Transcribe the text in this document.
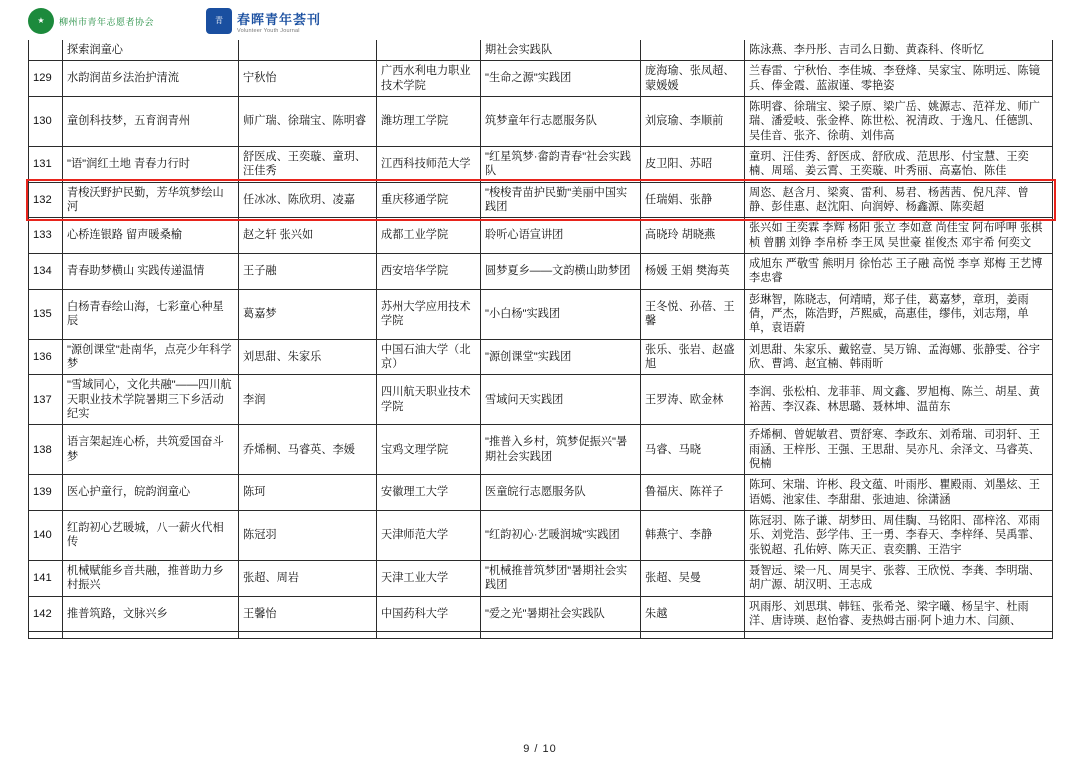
★	柳州市青年志愿者协会	青	春晖青年荟刊
Volunteer Youth Journal
	探索润童心			期社会实践队		陈泳燕、李丹彤、吉司么日勤、黄森科、佟昕忆
129	水韵润苗乡法治护清流	宁秋怡	广西水利电力职业技术学院	"生命之源"实践团	庞海瑜、张凤超、蒙媛媛	兰春雷、宁秋怡、李佳城、李登烽、吴家宝、陈明远、陈镜兵、俸金霞、蓝淑谨、零艳姿
130	童创科技梦，五育润青州	师广瑞、徐瑞宝、陈明睿	潍坊理工学院	筑梦童年行志愿服务队	刘宸瑜、李顺前	陈明睿、徐瑞宝、梁子原、梁广岳、姚源志、范祥龙、师广瑞、潘爱岐、张金桦、陈世松、祝清政、于逸凡、任德凯、吴佳音、张齐、徐萌、刘伟高
131	"语"润红土地 青春力行时	舒医成、王奕璇、童玥、汪佳秀	江西科技师范大学	"红星筑梦·畲韵青春"社会实践队	皮卫阳、苏昭	童玥、汪佳秀、舒医成、舒欣成、范思彤、付宝慧、王奕楠、周瑶、姜云霄、王奕璇、叶秀丽、高嘉怡、陈佳
132	青梭沃野护民勤，芳华筑梦绘山河	任冰冰、陈欣玥、凌嘉	重庆移通学院	"梭梭青苗护民勤"美丽中国实践团	任瑞娟、张静	周恣、赵含月、梁爽、雷利、易君、杨茜茜、倪凡萍、曾静、彭佳惠、赵沈阳、向润婷、杨鑫源、陈奕超
133	心桥连银路 留声暖桑榆	赵之轩 张兴如	成都工业学院	聆听心语宣讲团	高晓玲 胡晓燕	张兴如 王奕霖 李辉 杨阳 张立 李如意 尚佳宝 阿布呼呷 张棋桢 曾鹏 刘铮 李帛桥 李王凤 吴世豪 崔俊杰 邓宇希 何奕文
134	青春助梦横山 实践传递温情	王子融	西安培华学院	圆梦夏乡——文韵横山助梦团	杨媛 王娟 樊海英	成旭东 严敬雪 熊明月 徐怡芯 王子融 高悦 李享 郑梅 王艺博 李忠睿
135	白杨青春绘山海，七彩童心种星辰	葛嘉梦	苏州大学应用技术学院	"小白杨"实践团	王冬悦、孙蓓、王馨	彭琳智，陈晓志，何靖晴，郑子佳，葛嘉梦，章玥，姜雨倩，严杰，陈浩野，芦熙威，高惠佳，缪伟，刘志翔，单单，袁语蔚
136	"源创课堂"赴南华，点亮少年科学梦	刘思甜、朱家乐	中国石油大学（北京）	"源创课堂"实践团	张乐、张岩、赵盛旭	刘思甜、朱家乐、戴铭壹、吴万锦、孟海娜、张静雯、谷宇欣、曹鸿、赵宜楠、韩雨昕
137	"雪域同心，文化共融"——四川航天职业技术学院暑期三下乡活动纪实	李润	四川航天职业技术学院	雪域问天实践团	王罗涛、欧金林	李润、张松柏、龙菲菲、周文鑫、罗旭梅、陈兰、胡星、黄裕茜、李汉森、林思璐、聂林坤、温苗东
138	语言架起连心桥，共筑爱国奋斗梦	乔烯桐、马睿英、李媛	宝鸡文理学院	"推普入乡村，筑梦促振兴"暑期社会实践团	马睿、马晓	乔烯桐、曾妮敏君、贾舒寒、李政东、刘希瑞、司羽轩、王雨涵、王梓彤、王强、王思甜、吴亦凡、余泽文、马睿英、倪楠
139	医心护童行，皖韵润童心	陈珂	安徽理工大学	医童皖行志愿服务队	鲁福庆、陈祥子	陈珂、宋瑞、许彬、段文蕴、叶雨彤、瞿殿雨、刘墨炫、王语嫣、池家佳、李甜甜、张迪迪、徐潇涵
140	红韵初心艺暖城，八一薪火代相传	陈冠羽	天津师范大学	"红韵初心·艺暖润城"实践团	韩燕宁、李静	陈冠羽、陈子谦、胡梦田、周佳騊、马铭阳、邵梓洺、邓雨乐、刘党浩、彭学伟、王一勇、李春天、李梓绎、吴禹霏、张锐超、孔佑婷、陈天正、袁奕鹏、王浩宇
141	机械赋能乡音共融，推普助力乡村振兴	张超、周岩	天津工业大学	"机械推普筑梦团"暑期社会实践团	张超、吴曼	聂智远、梁一凡、周昊宇、张蓉、王欣悦、李龚、李明瑞、胡广源、胡汉明、王志成
142	推普筑路，文脉兴乡	王馨怡	中国药科大学	"爱之光"暑期社会实践队	朱越	巩雨彤、刘思琪、韩钰、张希尧、梁字曦、杨呈宇、杜雨洋、唐诗瑛、赵怡睿、麦热姆古丽·阿卜迪力木、闫颜、

9 / 10
